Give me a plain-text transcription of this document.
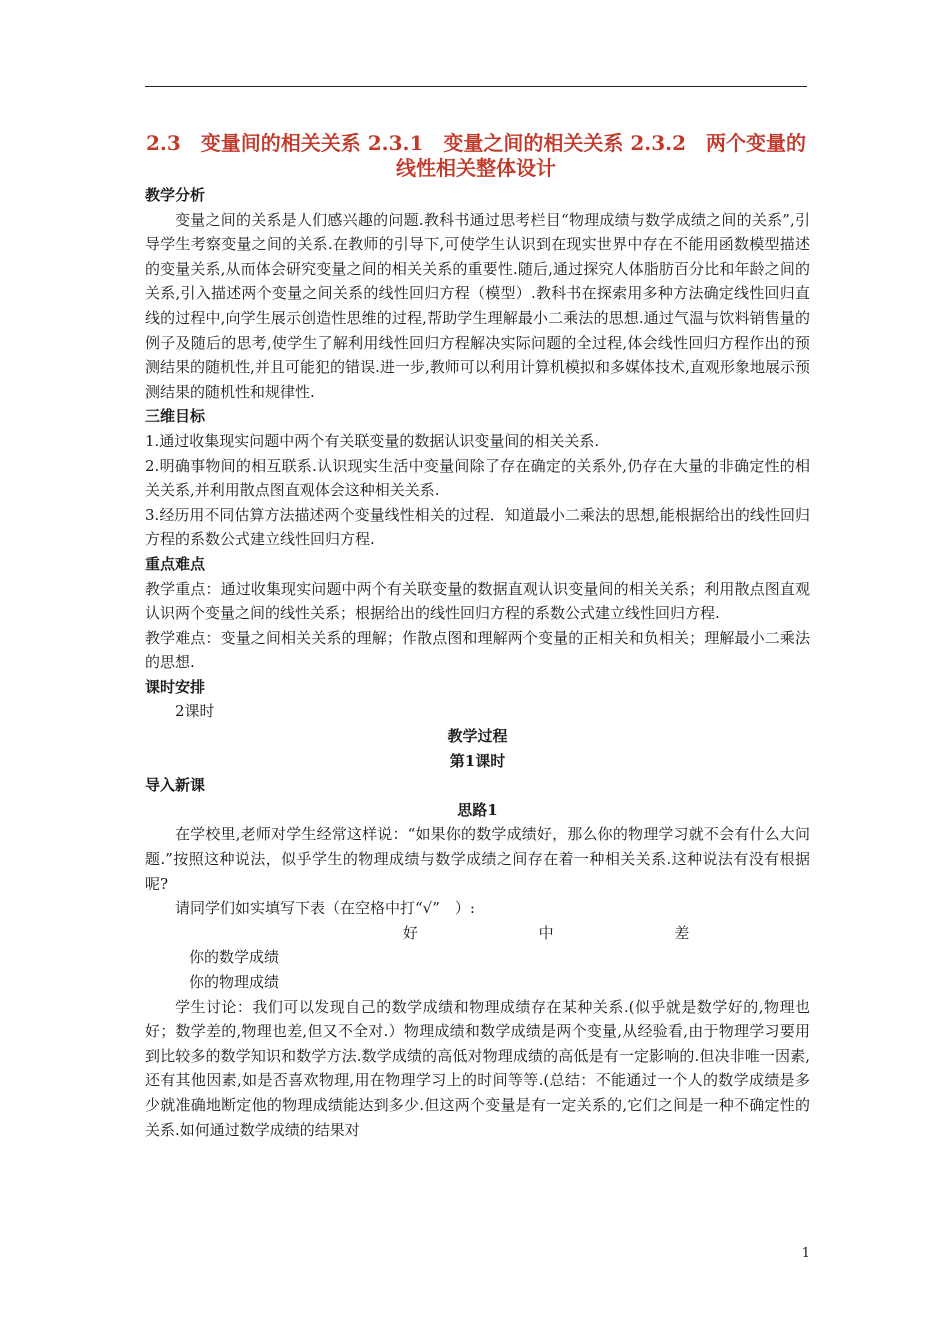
2.3　变量间的相关关系 2.3.1　变量之间的相关关系 2.3.2　两个变量的线性相关整体设计

教学分析

变量之间的关系是人们感兴趣的问题.教科书通过思考栏目“物理成绩与数学成绩之间的关系”,引导学生考察变量之间的关系.在教师的引导下,可使学生认识到在现实世界中存在不能用函数模型描述的变量关系,从而体会研究变量之间的相关关系的重要性.随后,通过探究人体脂肪百分比和年龄之间的关系,引入描述两个变量之间关系的线性回归方程（模型）.教科书在探索用多种方法确定线性回归直线的过程中,向学生展示创造性思维的过程,帮助学生理解最小二乘法的思想.通过气温与饮料销售量的例子及随后的思考,使学生了解利用线性回归方程解决实际问题的全过程,体会线性回归方程作出的预测结果的随机性,并且可能犯的错误.进一步,教师可以利用计算机模拟和多媒体技术,直观形象地展示预测结果的随机性和规律性.

三维目标

1.通过收集现实问题中两个有关联变量的数据认识变量间的相关关系.

2.明确事物间的相互联系.认识现实生活中变量间除了存在确定的关系外,仍存在大量的非确定性的相关关系,并利用散点图直观体会这种相关关系.

3.经历用不同估算方法描述两个变量线性相关的过程．知道最小二乘法的思想,能根据给出的线性回归方程的系数公式建立线性回归方程.

重点难点

教学重点：通过收集现实问题中两个有关联变量的数据直观认识变量间的相关关系；利用散点图直观认识两个变量之间的线性关系；根据给出的线性回归方程的系数公式建立线性回归方程.

教学难点：变量之间相关关系的理解；作散点图和理解两个变量的正相关和负相关；理解最小二乘法的思想.

课时安排

2课时

教学过程

第1课时

导入新课

思路1

在学校里,老师对学生经常这样说：“如果你的数学成绩好，那么你的物理学习就不会有什么大问题.”按照这种说法，似乎学生的物理成绩与数学成绩之间存在着一种相关关系.这种说法有没有根据呢?

请同学们如实填写下表（在空格中打“√”　）:

好	中	差

你的数学成绩

你的物理成绩

学生讨论：我们可以发现自己的数学成绩和物理成绩存在某种关系.(似乎就是数学好的,物理也好；数学差的,物理也差,但又不全对.）物理成绩和数学成绩是两个变量,从经验看,由于物理学习要用到比较多的数学知识和数学方法.数学成绩的高低对物理成绩的高低是有一定影响的.但决非唯一因素,还有其他因素,如是否喜欢物理,用在物理学习上的时间等等.(总结：不能通过一个人的数学成绩是多少就准确地断定他的物理成绩能达到多少.但这两个变量是有一定关系的,它们之间是一种不确定性的关系.如何通过数学成绩的结果对

1
